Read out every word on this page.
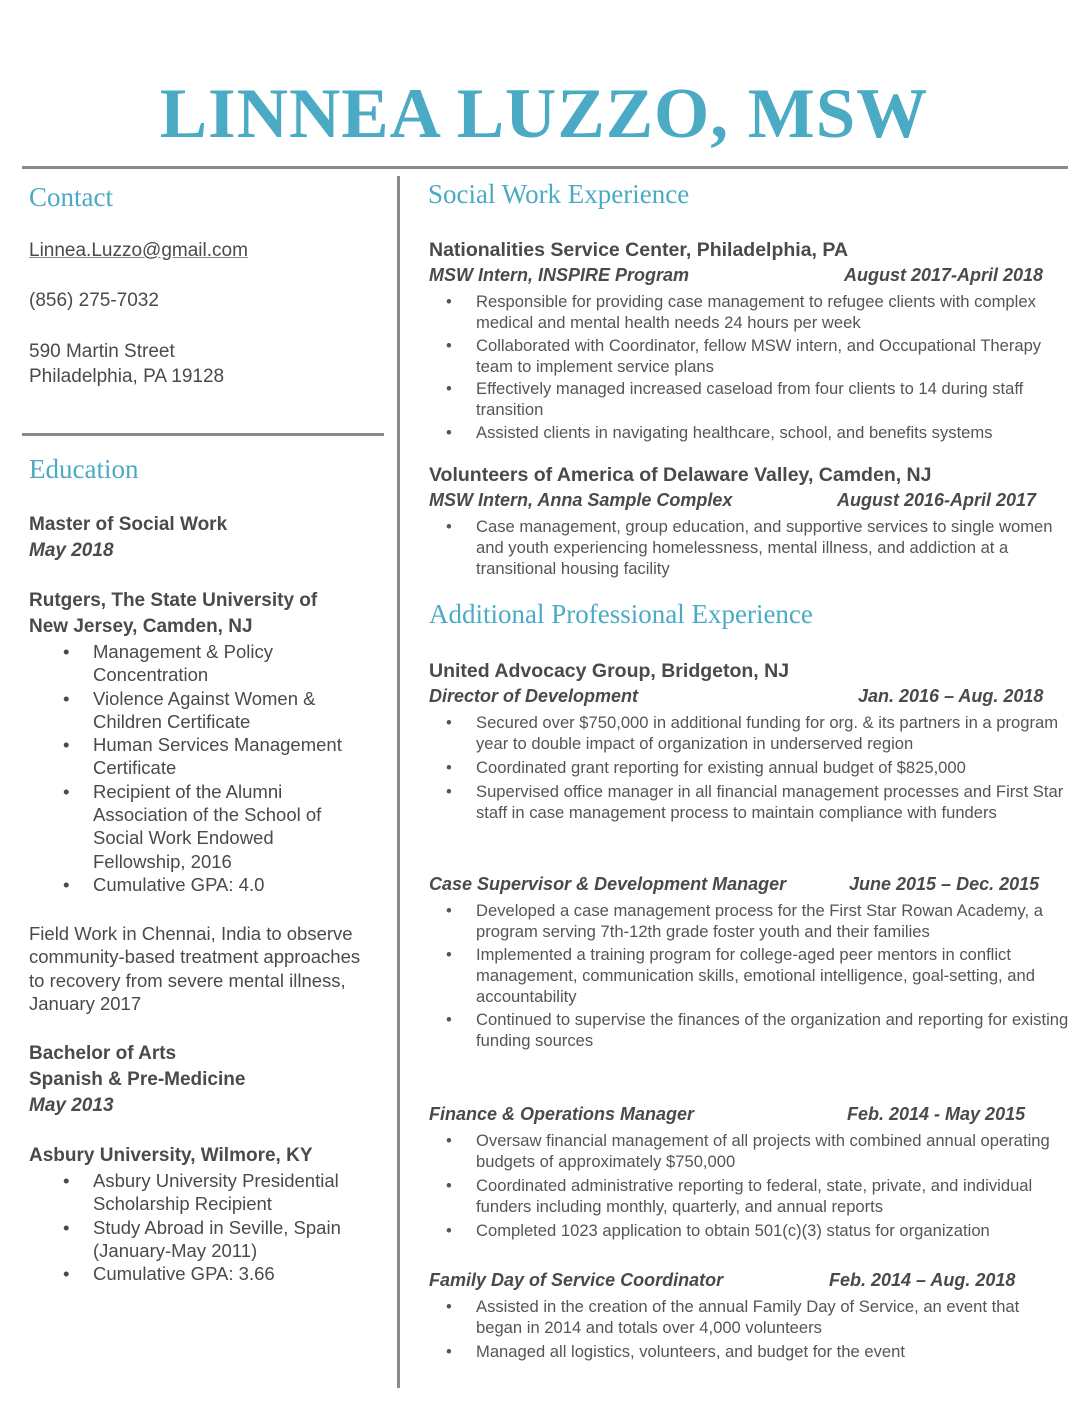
LINNEA LUZZO, MSW
Contact
Linnea.Luzzo@gmail.com
(856) 275-7032
590 Martin Street
Philadelphia, PA 19128
Education
Master of Social Work
May 2018
Rutgers, The State University of
New Jersey, Camden, NJ
• Management & Policy Concentration
• Violence Against Women & Children Certificate
• Human Services Management Certificate
• Recipient of the Alumni Association of the School of Social Work Endowed Fellowship, 2016
• Cumulative GPA: 4.0
Field Work in Chennai, India to observe community-based treatment approaches to recovery from severe mental illness, January 2017
Bachelor of Arts
Spanish & Pre-Medicine
May 2013
Asbury University, Wilmore, KY
• Asbury University Presidential Scholarship Recipient
• Study Abroad in Seville, Spain (January-May 2011)
• Cumulative GPA: 3.66
Social Work Experience
Nationalities Service Center, Philadelphia, PA
MSW Intern, INSPIRE Program	August 2017-April 2018
• Responsible for providing case management to refugee clients with complex medical and mental health needs 24 hours per week
• Collaborated with Coordinator, fellow MSW intern, and Occupational Therapy team to implement service plans
• Effectively managed increased caseload from four clients to 14 during staff transition
• Assisted clients in navigating healthcare, school, and benefits systems
Volunteers of America of Delaware Valley, Camden, NJ
MSW Intern, Anna Sample Complex	August 2016-April 2017
• Case management, group education, and supportive services to single women and youth experiencing homelessness, mental illness, and addiction at a transitional housing facility
Additional Professional Experience
United Advocacy Group, Bridgeton, NJ
Director of Development	Jan. 2016 – Aug. 2018
• Secured over $750,000 in additional funding for org. & its partners in a program year to double impact of organization in underserved region
• Coordinated grant reporting for existing annual budget of $825,000
• Supervised office manager in all financial management processes and First Star staff in case management process to maintain compliance with funders
Case Supervisor & Development Manager	June 2015 – Dec. 2015
• Developed a case management process for the First Star Rowan Academy, a program serving 7th-12th grade foster youth and their families
• Implemented a training program for college-aged peer mentors in conflict management, communication skills, emotional intelligence, goal-setting, and accountability
• Continued to supervise the finances of the organization and reporting for existing funding sources
Finance & Operations Manager	Feb. 2014 - May 2015
• Oversaw financial management of all projects with combined annual operating budgets of approximately $750,000
• Coordinated administrative reporting to federal, state, private, and individual funders including monthly, quarterly, and annual reports
• Completed 1023 application to obtain 501(c)(3) status for organization
Family Day of Service Coordinator	Feb. 2014 – Aug. 2018
• Assisted in the creation of the annual Family Day of Service, an event that began in 2014 and totals over 4,000 volunteers
• Managed all logistics, volunteers, and budget for the event
